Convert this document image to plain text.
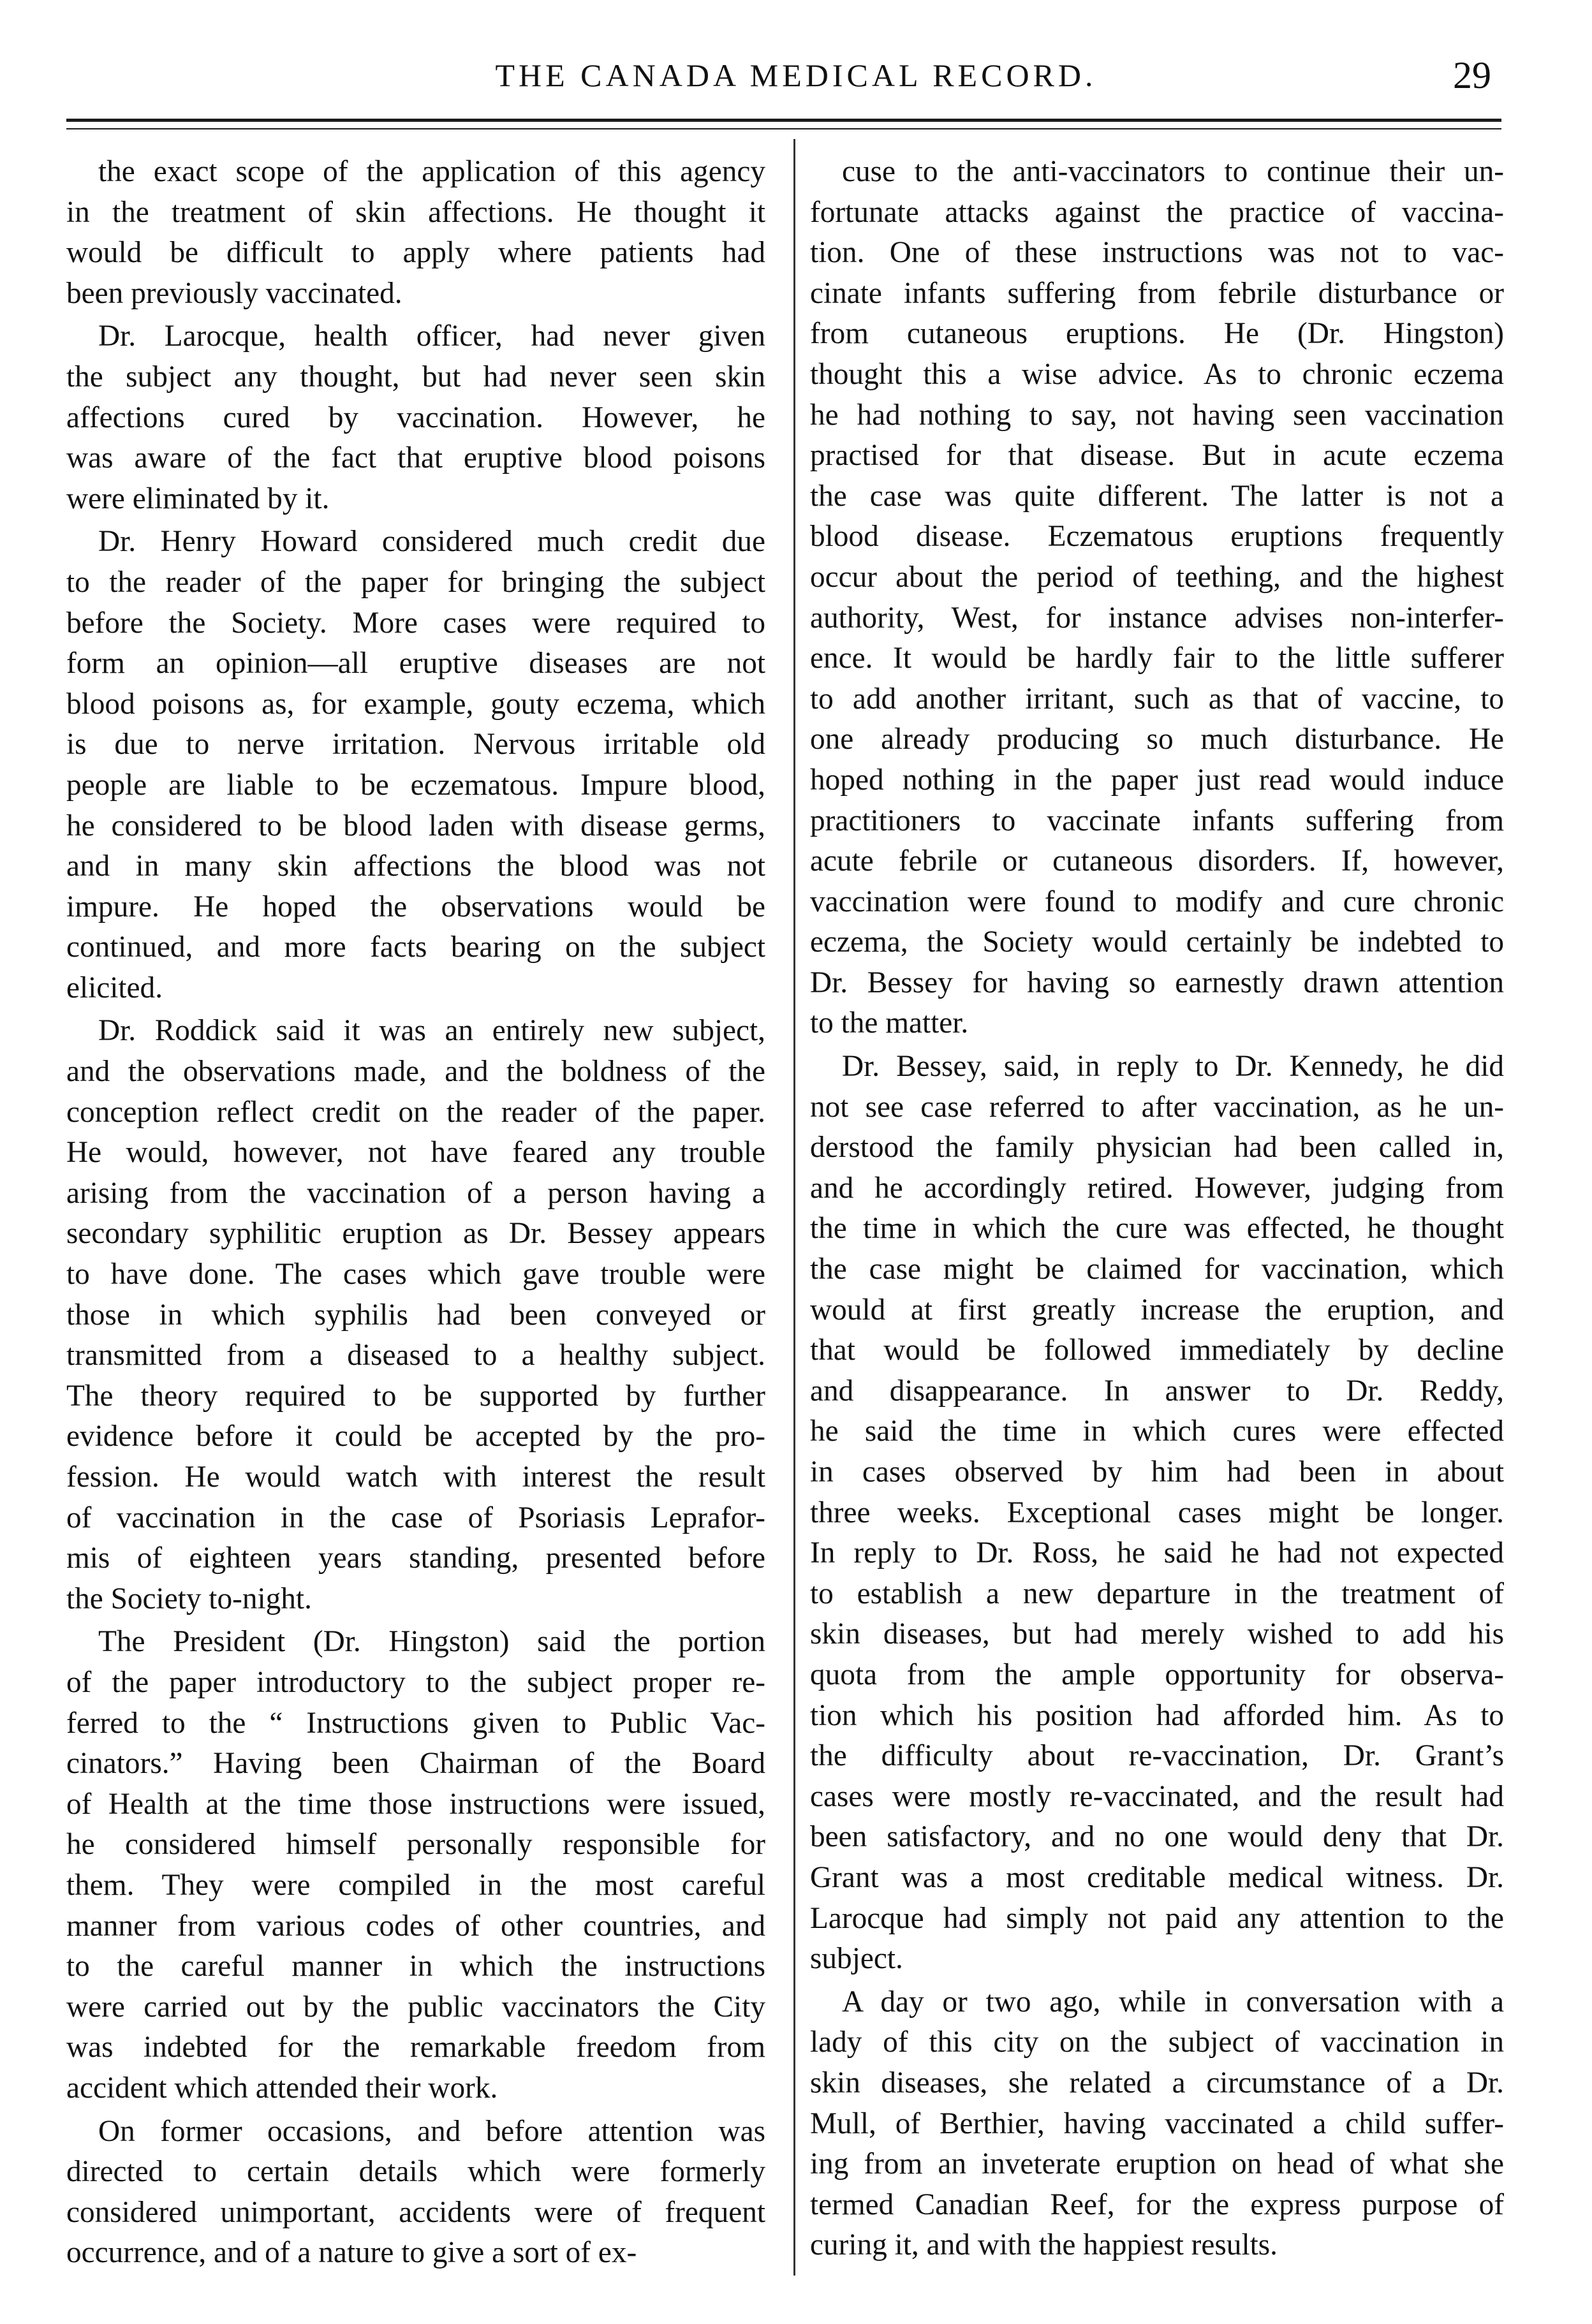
THE CANADA MEDICAL RECORD.	29
the exact scope of the application of this agency
in the treatment of skin affections. He thought it
would be difficult to apply where patients had
been previously vaccinated.
Dr. Larocque, health officer, had never given
the subject any thought, but had never seen skin
affections cured by vaccination. However, he
was aware of the fact that eruptive blood poisons
were eliminated by it.
Dr. Henry Howard considered much credit due
to the reader of the paper for bringing the subject
before the Society. More cases were required to
form an opinion—all eruptive diseases are not
blood poisons as, for example, gouty eczema, which
is due to nerve irritation. Nervous irritable old
people are liable to be eczematous. Impure blood,
he considered to be blood laden with disease germs,
and in many skin affections the blood was not
impure. He hoped the observations would be
continued, and more facts bearing on the subject
elicited.
Dr. Roddick said it was an entirely new subject,
and the observations made, and the boldness of the
conception reflect credit on the reader of the paper.
He would, however, not have feared any trouble
arising from the vaccination of a person having a
secondary syphilitic eruption as Dr. Bessey appears
to have done. The cases which gave trouble were
those in which syphilis had been conveyed or
transmitted from a diseased to a healthy subject.
The theory required to be supported by further
evidence before it could be accepted by the pro-
fession. He would watch with interest the result
of vaccination in the case of Psoriasis Leprafor-
mis of eighteen years standing, presented before
the Society to-night.
The President (Dr. Hingston) said the portion
of the paper introductory to the subject proper re-
ferred to the “ Instructions given to Public Vac-
cinators.” Having been Chairman of the Board
of Health at the time those instructions were issued,
he considered himself personally responsible for
them. They were compiled in the most careful
manner from various codes of other countries, and
to the careful manner in which the instructions
were carried out by the public vaccinators the City
was indebted for the remarkable freedom from
accident which attended their work.
On former occasions, and before attention was
directed to certain details which were formerly
considered unimportant, accidents were of frequent
occurrence, and of a nature to give a sort of ex-
cuse to the anti-vaccinators to continue their un-
fortunate attacks against the practice of vaccina-
tion. One of these instructions was not to vac-
cinate infants suffering from febrile disturbance or
from cutaneous eruptions. He (Dr. Hingston)
thought this a wise advice. As to chronic eczema
he had nothing to say, not having seen vaccination
practised for that disease. But in acute eczema
the case was quite different. The latter is not a
blood disease. Eczematous eruptions frequently
occur about the period of teething, and the highest
authority, West, for instance advises non-interfer-
ence. It would be hardly fair to the little sufferer
to add another irritant, such as that of vaccine, to
one already producing so much disturbance. He
hoped nothing in the paper just read would induce
practitioners to vaccinate infants suffering from
acute febrile or cutaneous disorders. If, however,
vaccination were found to modify and cure chronic
eczema, the Society would certainly be indebted to
Dr. Bessey for having so earnestly drawn attention
to the matter.
Dr. Bessey, said, in reply to Dr. Kennedy, he did
not see case referred to after vaccination, as he un-
derstood the family physician had been called in,
and he accordingly retired. However, judging from
the time in which the cure was effected, he thought
the case might be claimed for vaccination, which
would at first greatly increase the eruption, and
that would be followed immediately by decline
and disappearance. In answer to Dr. Reddy,
he said the time in which cures were effected
in cases observed by him had been in about
three weeks. Exceptional cases might be longer.
In reply to Dr. Ross, he said he had not expected
to establish a new departure in the treatment of
skin diseases, but had merely wished to add his
quota from the ample opportunity for observa-
tion which his position had afforded him. As to
the difficulty about re-vaccination, Dr. Grant’s
cases were mostly re-vaccinated, and the result had
been satisfactory, and no one would deny that Dr.
Grant was a most creditable medical witness. Dr.
Larocque had simply not paid any attention to the
subject.
A day or two ago, while in conversation with a
lady of this city on the subject of vaccination in
skin diseases, she related a circumstance of a Dr.
Mull, of Berthier, having vaccinated a child suffer-
ing from an inveterate eruption on head of what she
termed Canadian Reef, for the express purpose of
curing it, and with the happiest results.
